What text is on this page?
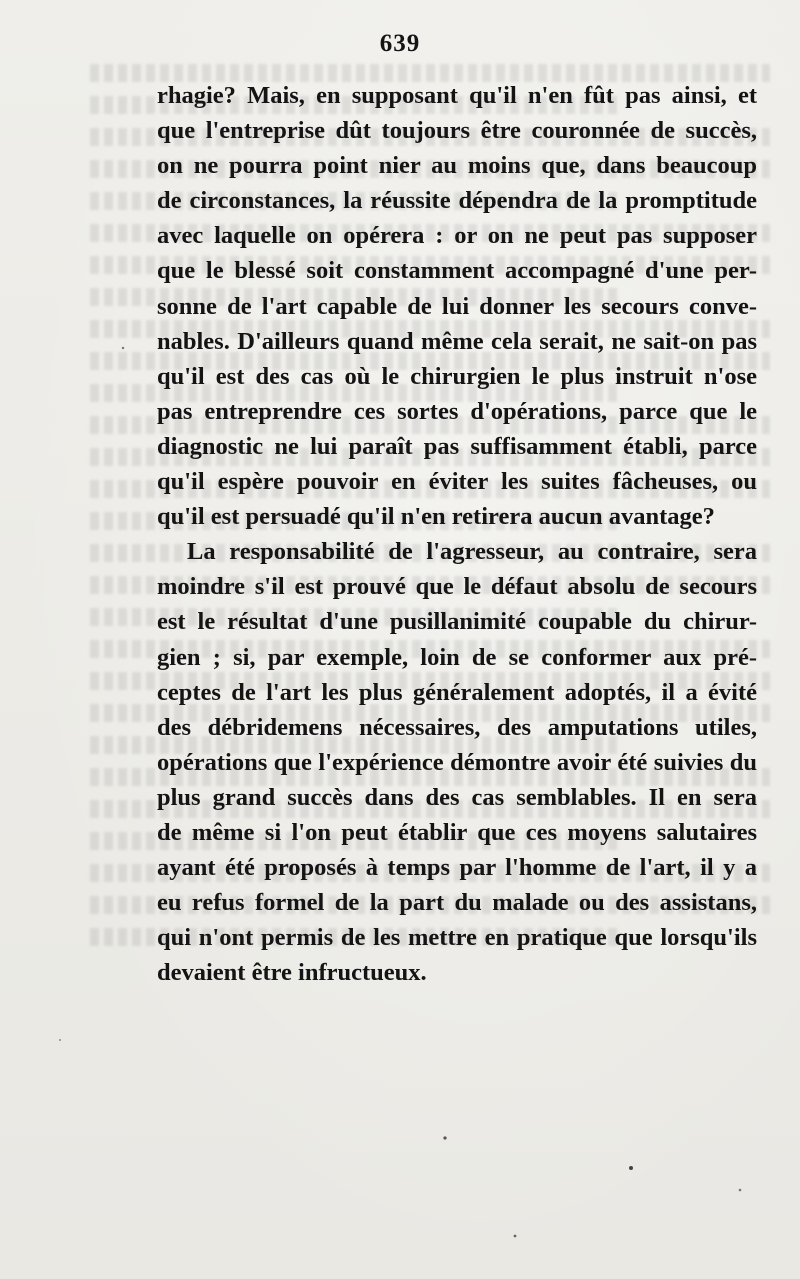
639
rhagie? Mais, en supposant qu'il n'en fût pas ainsi, et
que l'entreprise dût toujours être couronnée de succès,
on ne pourra point nier au moins que, dans beaucoup
de circonstances, la réussite dépendra de la promptitude
avec laquelle on opérera : or on ne peut pas supposer
que le blessé soit constamment accompagné d'une per-
sonne de l'art capable de lui donner les secours conve-
nables. D'ailleurs quand même cela serait, ne sait-on pas
qu'il est des cas où le chirurgien le plus instruit n'ose
pas entreprendre ces sortes d'opérations, parce que le
diagnostic ne lui paraît pas suffisamment établi, parce
qu'il espère pouvoir en éviter les suites fâcheuses, ou
qu'il est persuadé qu'il n'en retirera aucun avantage?
La responsabilité de l'agresseur, au contraire, sera
moindre s'il est prouvé que le défaut absolu de secours
est le résultat d'une pusillanimité coupable du chirur-
gien ; si, par exemple, loin de se conformer aux pré-
ceptes de l'art les plus généralement adoptés, il a évité
des débridemens nécessaires, des amputations utiles,
opérations que l'expérience démontre avoir été suivies du
plus grand succès dans des cas semblables. Il en sera
de même si l'on peut établir que ces moyens salutaires
ayant été proposés à temps par l'homme de l'art, il y a
eu refus formel de la part du malade ou des assistans,
qui n'ont permis de les mettre en pratique que lorsqu'ils
devaient être infructueux.
